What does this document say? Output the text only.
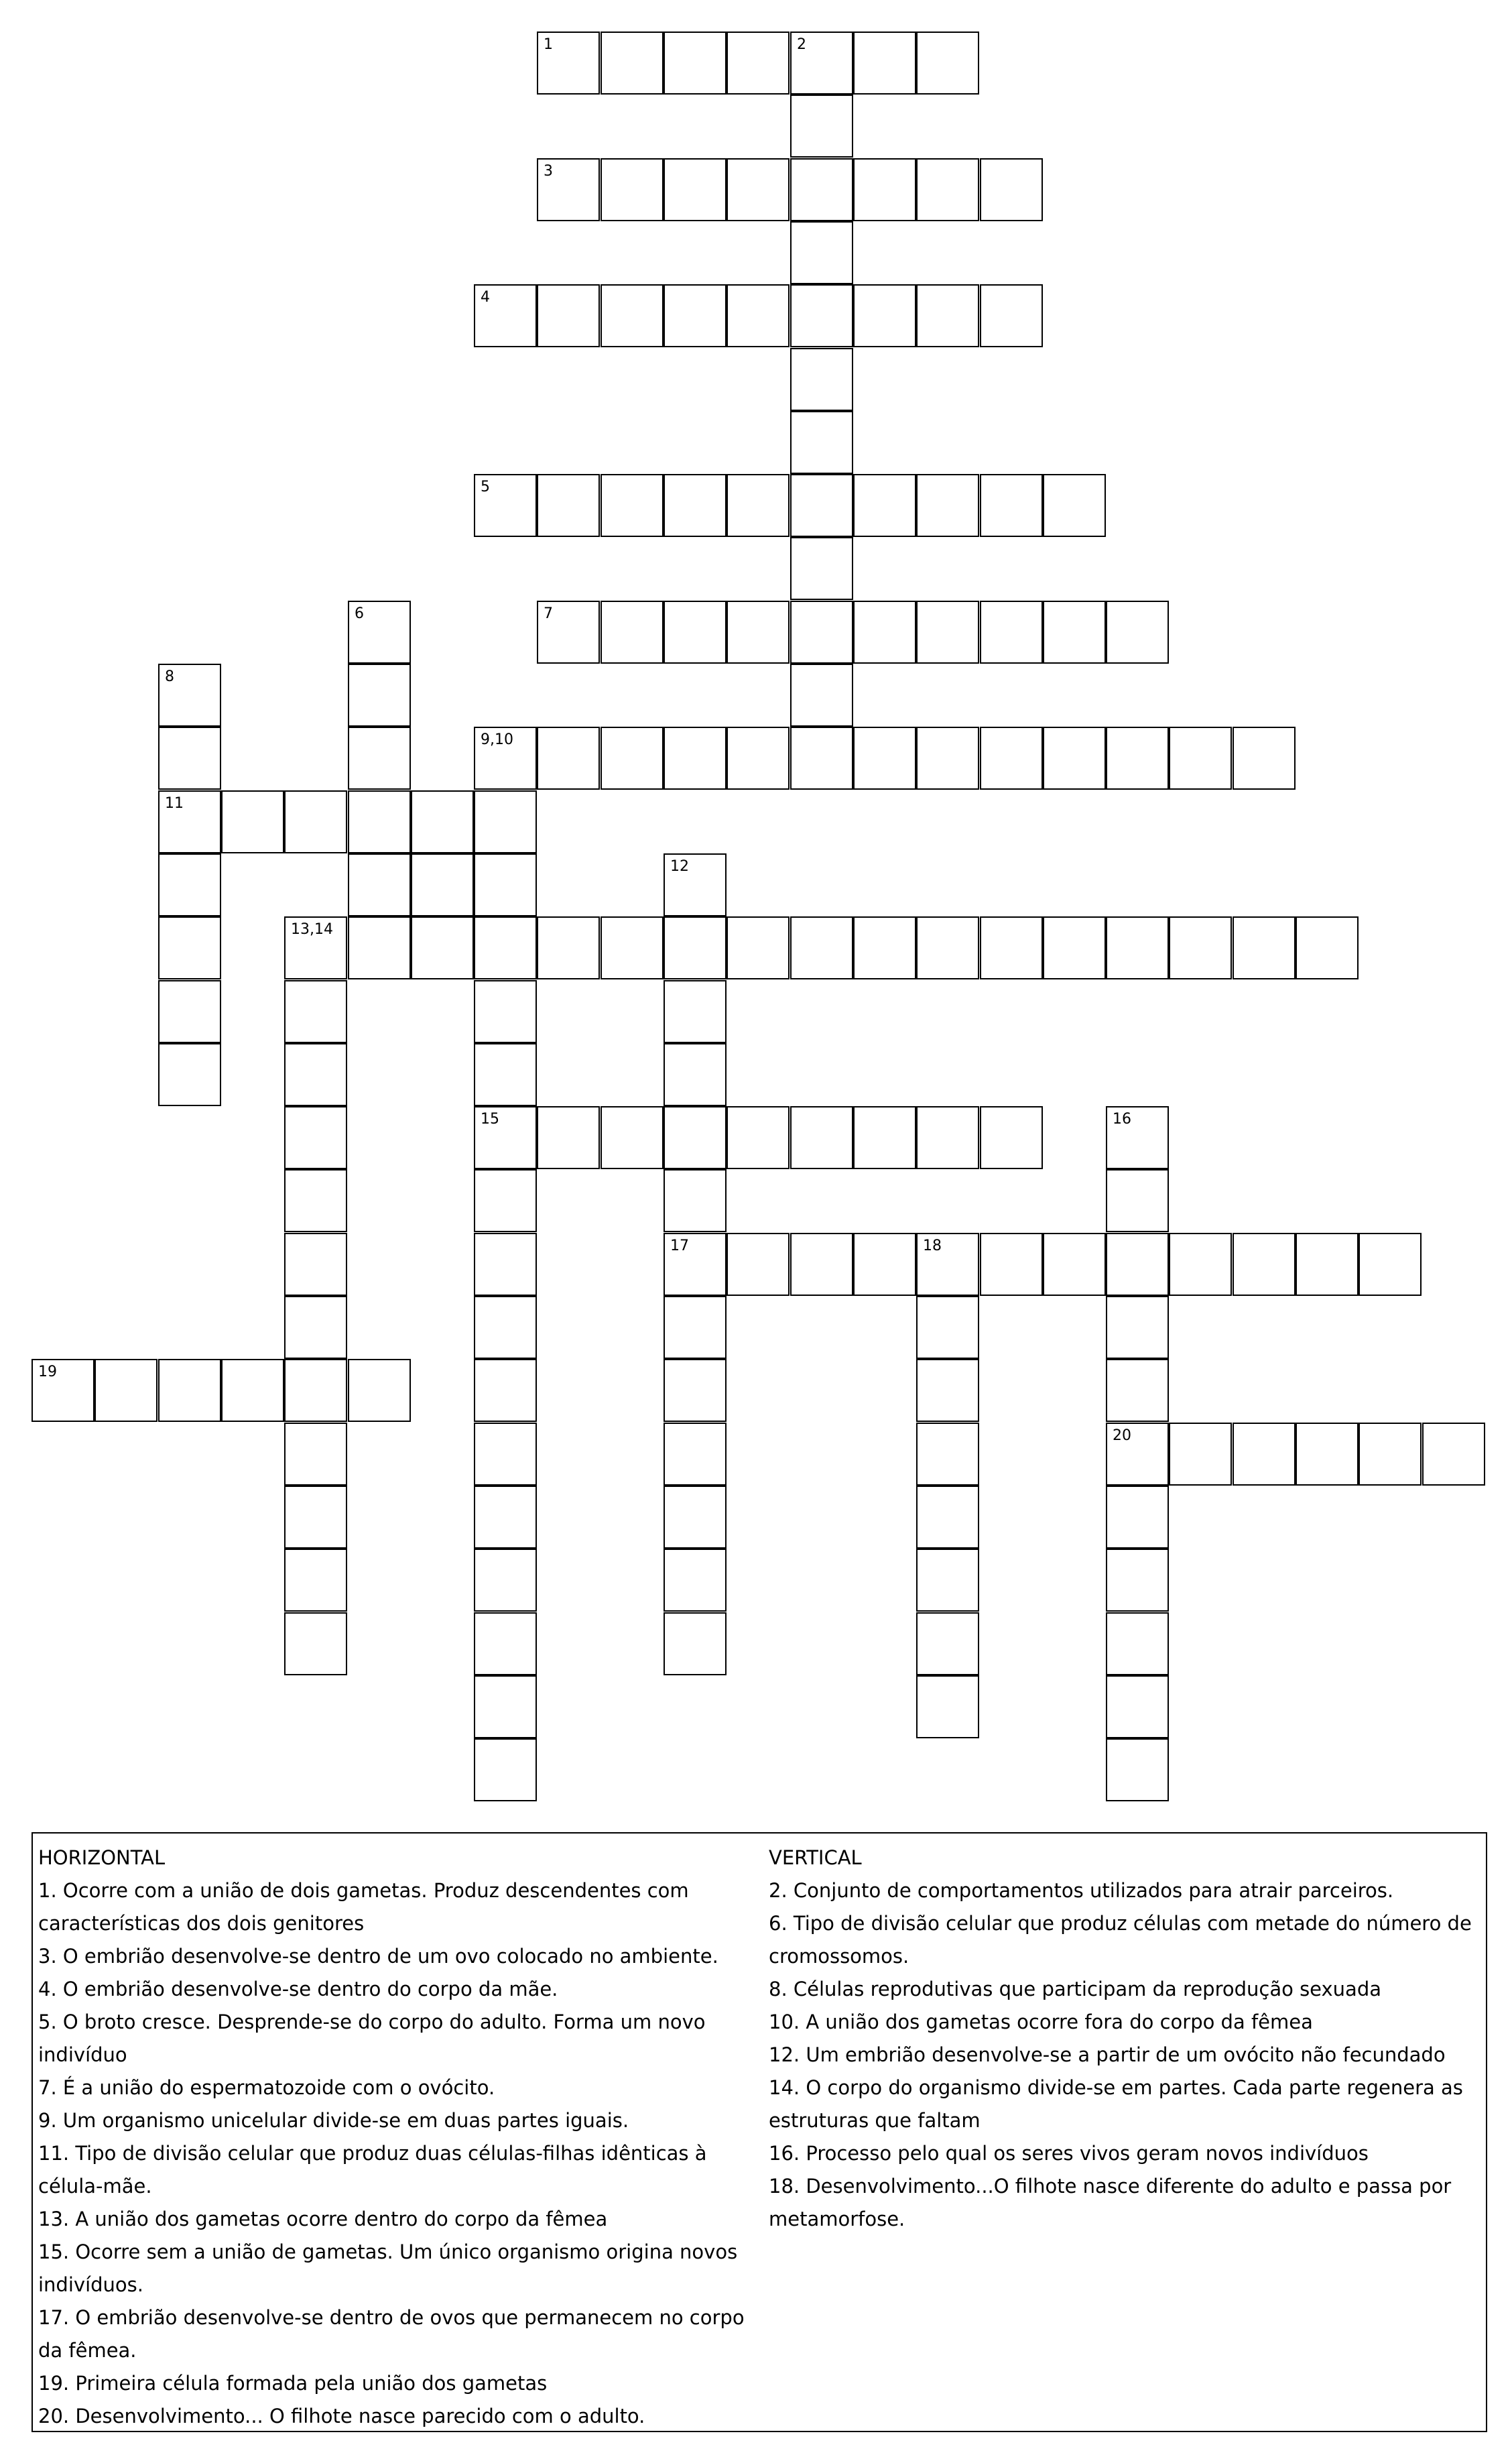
1	2
3
4
5
6	7
8
9,10
11
12
13,14
15	16
17	18
19
20
HORIZONTAL

1. Ocorre com a união de dois gametas. Produz descendentes com características dos dois genitores

3. O embrião desenvolve-se dentro de um ovo colocado no ambiente.

4. O embrião desenvolve-se dentro do corpo da mãe.

5. O broto cresce. Desprende-se do corpo do adulto. Forma um novo indivíduo

7. É a união do espermatozoide com o ovócito.

9. Um organismo unicelular divide-se em duas partes iguais.

11. Tipo de divisão celular que produz duas células-filhas idênticas à célula-mãe.

13. A união dos gametas ocorre dentro do corpo da fêmea

15. Ocorre sem a união de gametas. Um único organismo origina novos indivíduos.

17. O embrião desenvolve-se dentro de ovos que permanecem no corpo da fêmea.

19. Primeira célula formada pela união dos gametas

20. Desenvolvimento... O filhote nasce parecido com o adulto.

VERTICAL

2. Conjunto de comportamentos utilizados para atrair parceiros.

6. Tipo de divisão celular que produz células com metade do número de cromossomos.

8. Células reprodutivas que participam da reprodução sexuada

10. A união dos gametas ocorre fora do corpo da fêmea

12. Um embrião desenvolve-se a partir de um ovócito não fecundado

14. O corpo do organismo divide-se em partes. Cada parte regenera as estruturas que faltam

16. Processo pelo qual os seres vivos geram novos indivíduos

18. Desenvolvimento...O filhote nasce diferente do adulto e passa por metamorfose.
